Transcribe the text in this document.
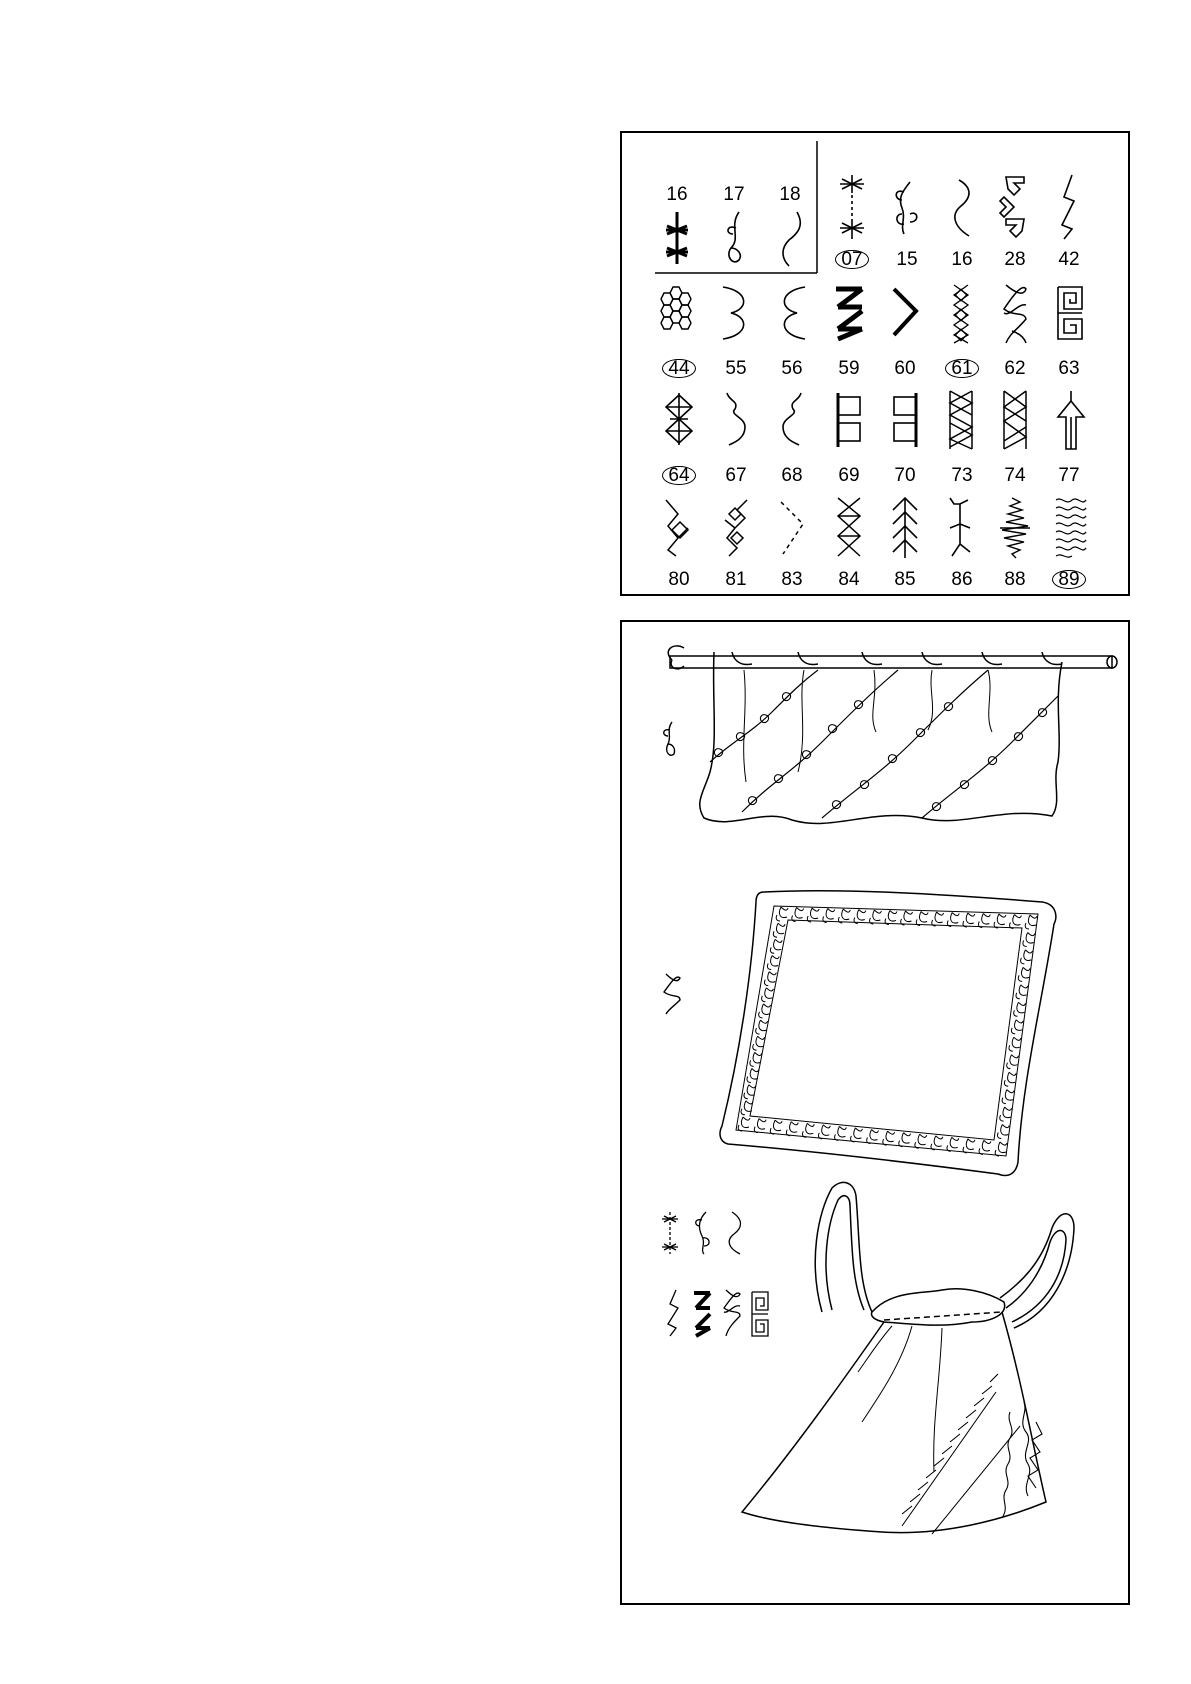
16	17	18
07	15	16	28	42
44	55	56	59	60	61	62	63
64	67	68	69	70	73	74	77
80	81	83	84	85	86	88	89
